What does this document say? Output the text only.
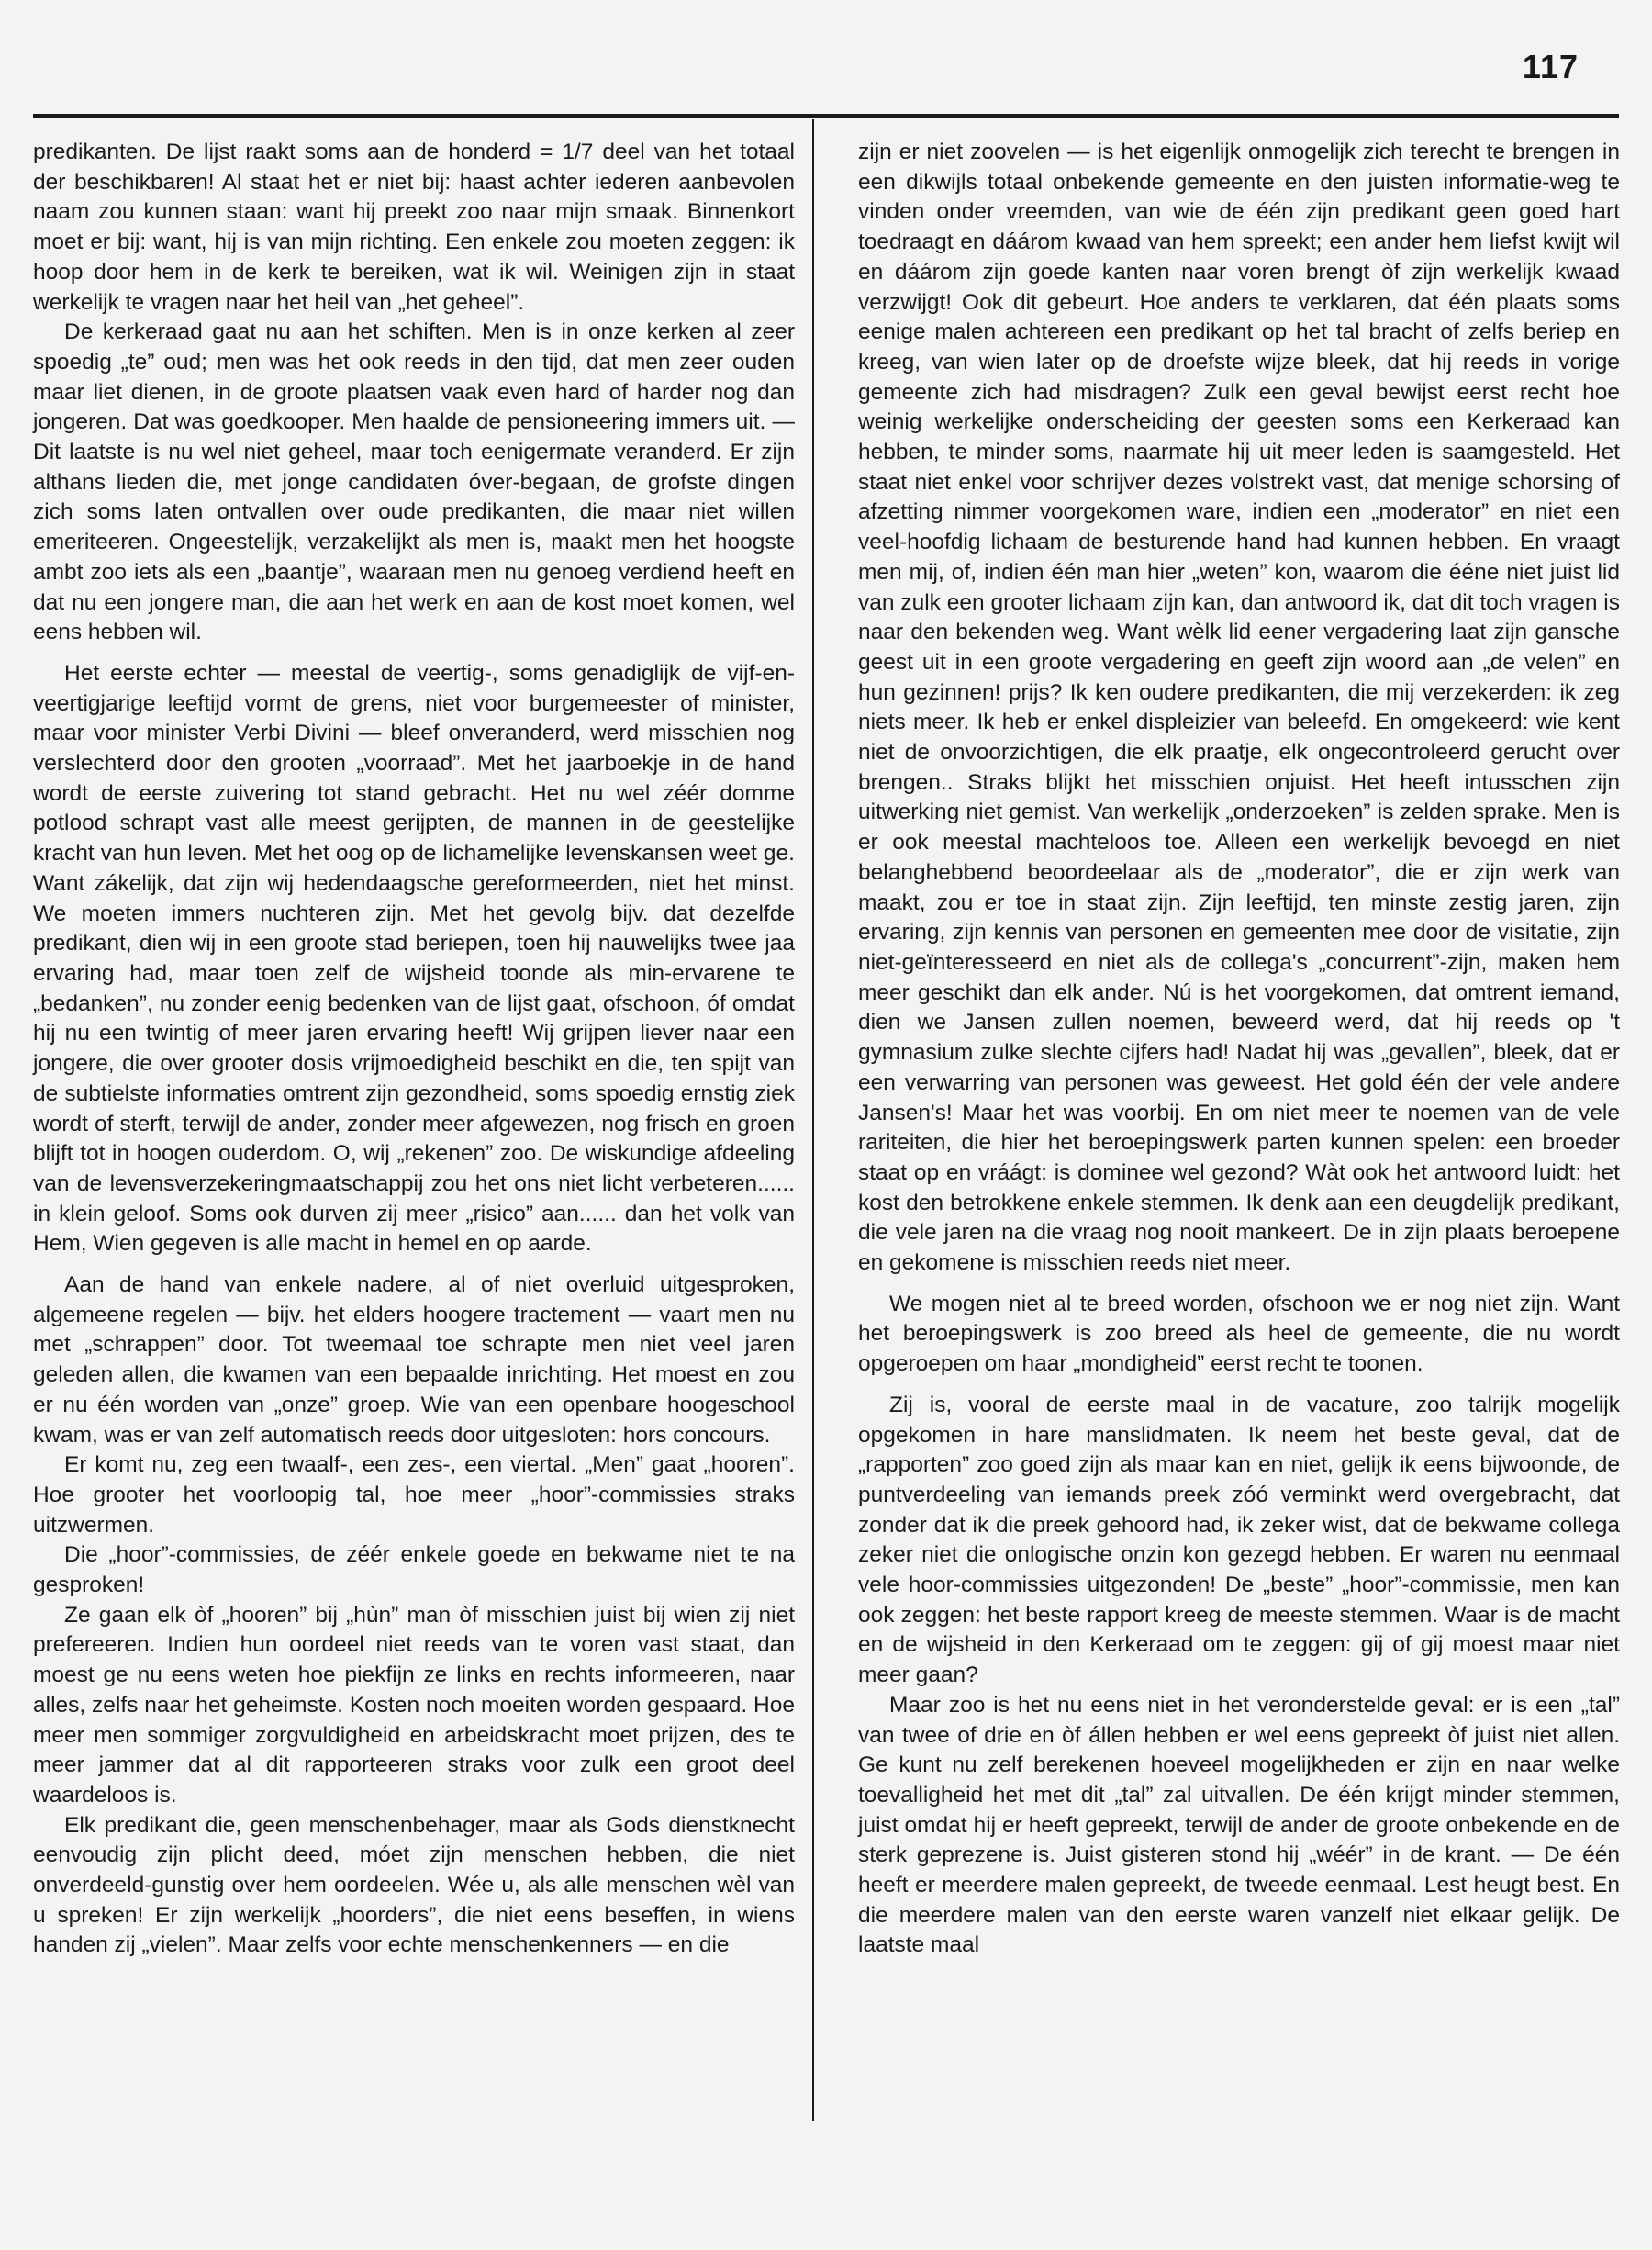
117

predikanten. De lijst raakt soms aan de honderd = 1/7 deel van het totaal der beschikbaren! Al staat het er niet bij: haast achter iederen aanbevolen naam zou kunnen staan: want hij preekt zoo naar mijn smaak. Binnenkort moet er bij: want, hij is van mijn richting. Een enkele zou moeten zeggen: ik hoop door hem in de kerk te bereiken, wat ik wil. Weinigen zijn in staat werkelijk te vragen naar het heil van „het geheel”.

De kerkeraad gaat nu aan het schiften. Men is in onze kerken al zeer spoedig „te” oud; men was het ook reeds in den tijd, dat men zeer ouden maar liet dienen, in de groote plaatsen vaak even hard of harder nog dan jongeren. Dat was goedkooper. Men haalde de pensioneering immers uit. — Dit laatste is nu wel niet geheel, maar toch eenigermate veranderd. Er zijn althans lieden die, met jonge candidaten óver-begaan, de grofste dingen zich soms laten ontvallen over oude predikanten, die maar niet willen emeriteeren. Ongeestelijk, verzakelijkt als men is, maakt men het hoogste ambt zoo iets als een „baantje”, waaraan men nu genoeg verdiend heeft en dat nu een jongere man, die aan het werk en aan de kost moet komen, wel eens hebben wil.

Het eerste echter — meestal de veertig-, soms genadiglijk de vijf-en-veertigjarige leeftijd vormt de grens, niet voor burgemeester of minister, maar voor minister Verbi Divini — bleef onveranderd, werd misschien nog verslechterd door den grooten „voorraad”. Met het jaarboekje in de hand wordt de eerste zuivering tot stand gebracht. Het nu wel zéér domme potlood schrapt vast alle meest gerijpten, de mannen in de geestelijke kracht van hun leven. Met het oog op de lichamelijke levenskansen weet ge. Want zákelijk, dat zijn wij hedendaagsche gereformeerden, niet het minst. We moeten immers nuchteren zijn. Met het gevolg bijv. dat dezelfde predikant, dien wij in een groote stad beriepen, toen hij nauwelijks twee jaa ervaring had, maar toen zelf de wijsheid toonde als min-ervarene te „bedanken”, nu zonder eenig bedenken van de lijst gaat, ofschoon, óf omdat hij nu een twintig of meer jaren ervaring heeft! Wij grijpen liever naar een jongere, die over grooter dosis vrijmoedigheid beschikt en die, ten spijt van de subtielste informaties omtrent zijn gezondheid, soms spoedig ernstig ziek wordt of sterft, terwijl de ander, zonder meer afgewezen, nog frisch en groen blijft tot in hoogen ouderdom. O, wij „rekenen” zoo. De wiskundige afdeeling van de levensverzekeringmaatschappij zou het ons niet licht verbeteren...... in klein geloof. Soms ook durven zij meer „risico” aan...... dan het volk van Hem, Wien gegeven is alle macht in hemel en op aarde.

Aan de hand van enkele nadere, al of niet overluid uitgesproken, algemeene regelen — bijv. het elders hoogere tractement — vaart men nu met „schrappen” door. Tot tweemaal toe schrapte men niet veel jaren geleden allen, die kwamen van een bepaalde inrichting. Het moest en zou er nu één worden van „onze” groep. Wie van een openbare hoogeschool kwam, was er van zelf automatisch reeds door uitgesloten: hors concours.

Er komt nu, zeg een twaalf-, een zes-, een viertal. „Men” gaat „hooren”. Hoe grooter het voorloopig tal, hoe meer „hoor”-commissies straks uitzwermen.

Die „hoor”-commissies, de zéér enkele goede en bekwame niet te na gesproken!

Ze gaan elk òf „hooren” bij „hùn” man òf misschien juist bij wien zij niet prefereeren. Indien hun oordeel niet reeds van te voren vast staat, dan moest ge nu eens weten hoe piekfijn ze links en rechts informeeren, naar alles, zelfs naar het geheimste. Kosten noch moeiten worden gespaard. Hoe meer men sommiger zorgvuldigheid en arbeidskracht moet prijzen, des te meer jammer dat al dit rapporteeren straks voor zulk een groot deel waardeloos is.

Elk predikant die, geen menschenbehager, maar als Gods dienstknecht eenvoudig zijn plicht deed, móet zijn menschen hebben, die niet onverdeeld-gunstig over hem oordeelen. Wée u, als alle menschen wèl van u spreken! Er zijn werkelijk „hoorders”, die niet eens beseffen, in wiens handen zij „vielen”. Maar zelfs voor echte menschenkenners — en die

zijn er niet zoovelen — is het eigenlijk onmogelijk zich terecht te brengen in een dikwijls totaal onbekende gemeente en den juisten informatie-weg te vinden onder vreemden, van wie de één zijn predikant geen goed hart toedraagt en dáárom kwaad van hem spreekt; een ander hem liefst kwijt wil en dáárom zijn goede kanten naar voren brengt òf zijn werkelijk kwaad verzwijgt! Ook dit gebeurt. Hoe anders te verklaren, dat één plaats soms eenige malen achtereen een predikant op het tal bracht of zelfs beriep en kreeg, van wien later op de droefste wijze bleek, dat hij reeds in vorige gemeente zich had misdragen? Zulk een geval bewijst eerst recht hoe weinig werkelijke onderscheiding der geesten soms een Kerkeraad kan hebben, te minder soms, naarmate hij uit meer leden is saamgesteld. Het staat niet enkel voor schrijver dezes volstrekt vast, dat menige schorsing of afzetting nimmer voorgekomen ware, indien een „moderator” en niet een veel-hoofdig lichaam de besturende hand had kunnen hebben. En vraagt men mij, of, indien één man hier „weten” kon, waarom die ééne niet juist lid van zulk een grooter lichaam zijn kan, dan antwoord ik, dat dit toch vragen is naar den bekenden weg. Want wèlk lid eener vergadering laat zijn gansche geest uit in een groote vergadering en geeft zijn woord aan „de velen” en hun gezinnen! prijs? Ik ken oudere predikanten, die mij verzekerden: ik zeg niets meer. Ik heb er enkel displeizier van beleefd. En omgekeerd: wie kent niet de onvoorzichtigen, die elk praatje, elk ongecontroleerd gerucht over brengen.. Straks blijkt het misschien onjuist. Het heeft intusschen zijn uitwerking niet gemist. Van werkelijk „onderzoeken” is zelden sprake. Men is er ook meestal machteloos toe. Alleen een werkelijk bevoegd en niet belanghebbend beoordeelaar als de „moderator”, die er zijn werk van maakt, zou er toe in staat zijn. Zijn leeftijd, ten minste zestig jaren, zijn ervaring, zijn kennis van personen en gemeenten mee door de visitatie, zijn niet-geïnteresseerd en niet als de collega's „concurrent”-zijn, maken hem meer geschikt dan elk ander. Nú is het voorgekomen, dat omtrent iemand, dien we Jansen zullen noemen, beweerd werd, dat hij reeds op 't gymnasium zulke slechte cijfers had! Nadat hij was „gevallen”, bleek, dat er een verwarring van personen was geweest. Het gold één der vele andere Jansen's! Maar het was voorbij. En om niet meer te noemen van de vele rariteiten, die hier het beroepingswerk parten kunnen spelen: een broeder staat op en vráágt: is dominee wel gezond? Wàt ook het antwoord luidt: het kost den betrokkene enkele stemmen. Ik denk aan een deugdelijk predikant, die vele jaren na die vraag nog nooit mankeert. De in zijn plaats beroepene en gekomene is misschien reeds niet meer.

We mogen niet al te breed worden, ofschoon we er nog niet zijn. Want het beroepingswerk is zoo breed als heel de gemeente, die nu wordt opgeroepen om haar „mondigheid” eerst recht te toonen.

Zij is, vooral de eerste maal in de vacature, zoo talrijk mogelijk opgekomen in hare manslidmaten. Ik neem het beste geval, dat de „rapporten” zoo goed zijn als maar kan en niet, gelijk ik eens bijwoonde, de puntverdeeling van iemands preek zóó verminkt werd overgebracht, dat zonder dat ik die preek gehoord had, ik zeker wist, dat de bekwame collega zeker niet die onlogische onzin kon gezegd hebben. Er waren nu eenmaal vele hoor-commissies uitgezonden! De „beste” „hoor”-commissie, men kan ook zeggen: het beste rapport kreeg de meeste stemmen. Waar is de macht en de wijsheid in den Kerkeraad om te zeggen: gij of gij moest maar niet meer gaan?

Maar zoo is het nu eens niet in het veronderstelde geval: er is een „tal” van twee of drie en òf állen hebben er wel eens gepreekt òf juist niet allen. Ge kunt nu zelf berekenen hoeveel mogelijkheden er zijn en naar welke toevalligheid het met dit „tal” zal uitvallen. De één krijgt minder stemmen, juist omdat hij er heeft gepreekt, terwijl de ander de groote onbekende en de sterk geprezene is. Juist gisteren stond hij „wéér” in de krant. — De één heeft er meerdere malen gepreekt, de tweede eenmaal. Lest heugt best. En die meerdere malen van den eerste waren vanzelf niet elkaar gelijk. De laatste maal
